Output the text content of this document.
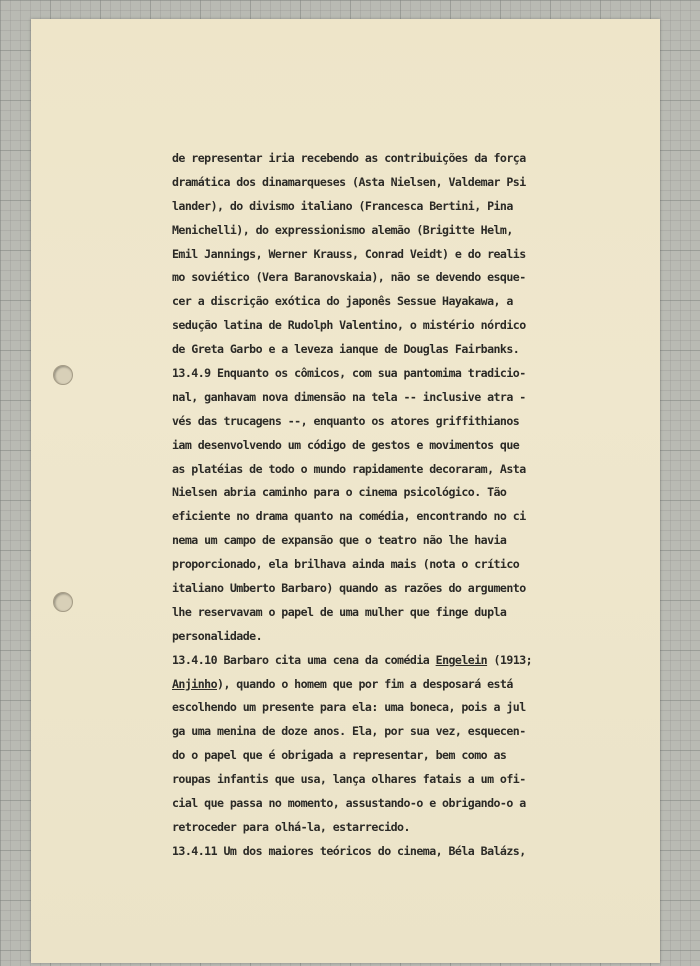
de representar iria recebendo as contribuições da força
dramática dos dinamarqueses (Asta Nielsen, Valdemar Psi
lander), do divismo italiano (Francesca Bertini, Pina
Menichelli), do expressionismo alemão (Brigitte Helm,
Emil Jannings, Werner Krauss, Conrad Veidt) e do realis
mo soviético (Vera Baranovskaia), não se devendo esque-
cer a discrição exótica do japonês Sessue Hayakawa, a
sedução latina de Rudolph Valentino, o mistério nórdico
de Greta Garbo e a leveza ianque de Douglas Fairbanks.
13.4.9 Enquanto os cômicos, com sua pantomima tradicio-
nal, ganhavam nova dimensão na tela -- inclusive atra -
vés das trucagens --, enquanto os atores griffithianos
iam desenvolvendo um código de gestos e movimentos que
as platéias de todo o mundo rapidamente decoraram, Asta
Nielsen abria caminho para o cinema psicológico. Tão
eficiente no drama quanto na comédia, encontrando no ci
nema um campo de expansão que o teatro não lhe havia
proporcionado, ela brilhava ainda mais (nota o crítico
italiano Umberto Barbaro) quando as razões do argumento
lhe reservavam o papel de uma mulher que finge dupla
personalidade.
13.4.10 Barbaro cita uma cena da comédia Engelein (1913;
Anjinho), quando o homem que por fim a desposará está
escolhendo um presente para ela: uma boneca, pois a jul
ga uma menina de doze anos. Ela, por sua vez, esquecen-
do o papel que é obrigada a representar, bem como as
roupas infantis que usa, lança olhares fatais a um ofi-
cial que passa no momento, assustando-o e obrigando-o a
retroceder para olhá-la, estarrecido.
13.4.11 Um dos maiores teóricos do cinema, Béla Balázs,
